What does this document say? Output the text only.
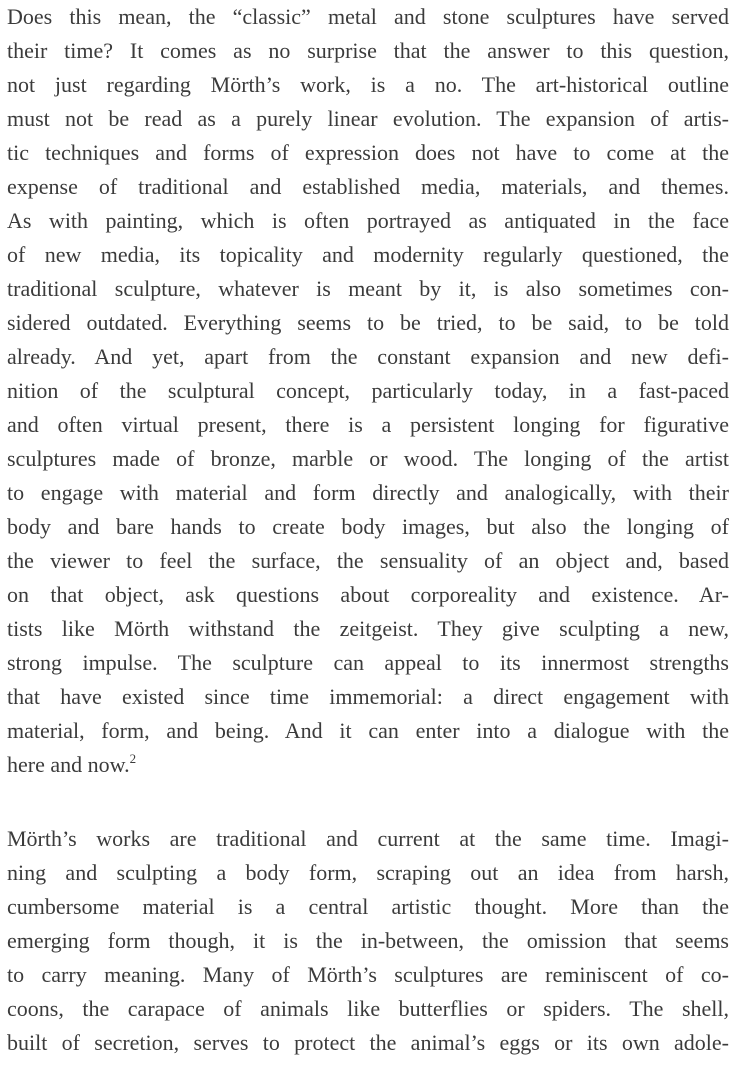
Does this mean, the “classic” metal and stone sculptures have served
their time? It comes as no surprise that the answer to this question,
not just regarding Mörth’s work, is a no. The art-historical outline
must not be read as a purely linear evolution. The expansion of artis-
tic techniques and forms of expression does not have to come at the
expense of traditional and established media, materials, and themes.
As with painting, which is often portrayed as antiquated in the face
of new media, its topicality and modernity regularly questioned, the
traditional sculpture, whatever is meant by it, is also sometimes con-
sidered outdated. Everything seems to be tried, to be said, to be told
already. And yet, apart from the constant expansion and new defi-
nition of the sculptural concept, particularly today, in a fast-paced
and often virtual present, there is a persistent longing for figurative
sculptures made of bronze, marble or wood. The longing of the artist
to engage with material and form directly and analogically, with their
body and bare hands to create body images, but also the longing of
the viewer to feel the surface, the sensuality of an object and, based
on that object, ask questions about corporeality and existence. Ar-
tists like Mörth withstand the zeitgeist. They give sculpting a new,
strong impulse. The sculpture can appeal to its innermost strengths
that have existed since time immemorial: a direct engagement with
material, form, and being. And it can enter into a dialogue with the
here and now.$^2$
Mörth’s works are traditional and current at the same time. Imagi-
ning and sculpting a body form, scraping out an idea from harsh,
cumbersome material is a central artistic thought. More than the
emerging form though, it is the in-between, the omission that seems
to carry meaning. Many of Mörth’s sculptures are reminiscent of co-
coons, the carapace of animals like butterflies or spiders. The shell,
built of secretion, serves to protect the animal’s eggs or its own adole-
